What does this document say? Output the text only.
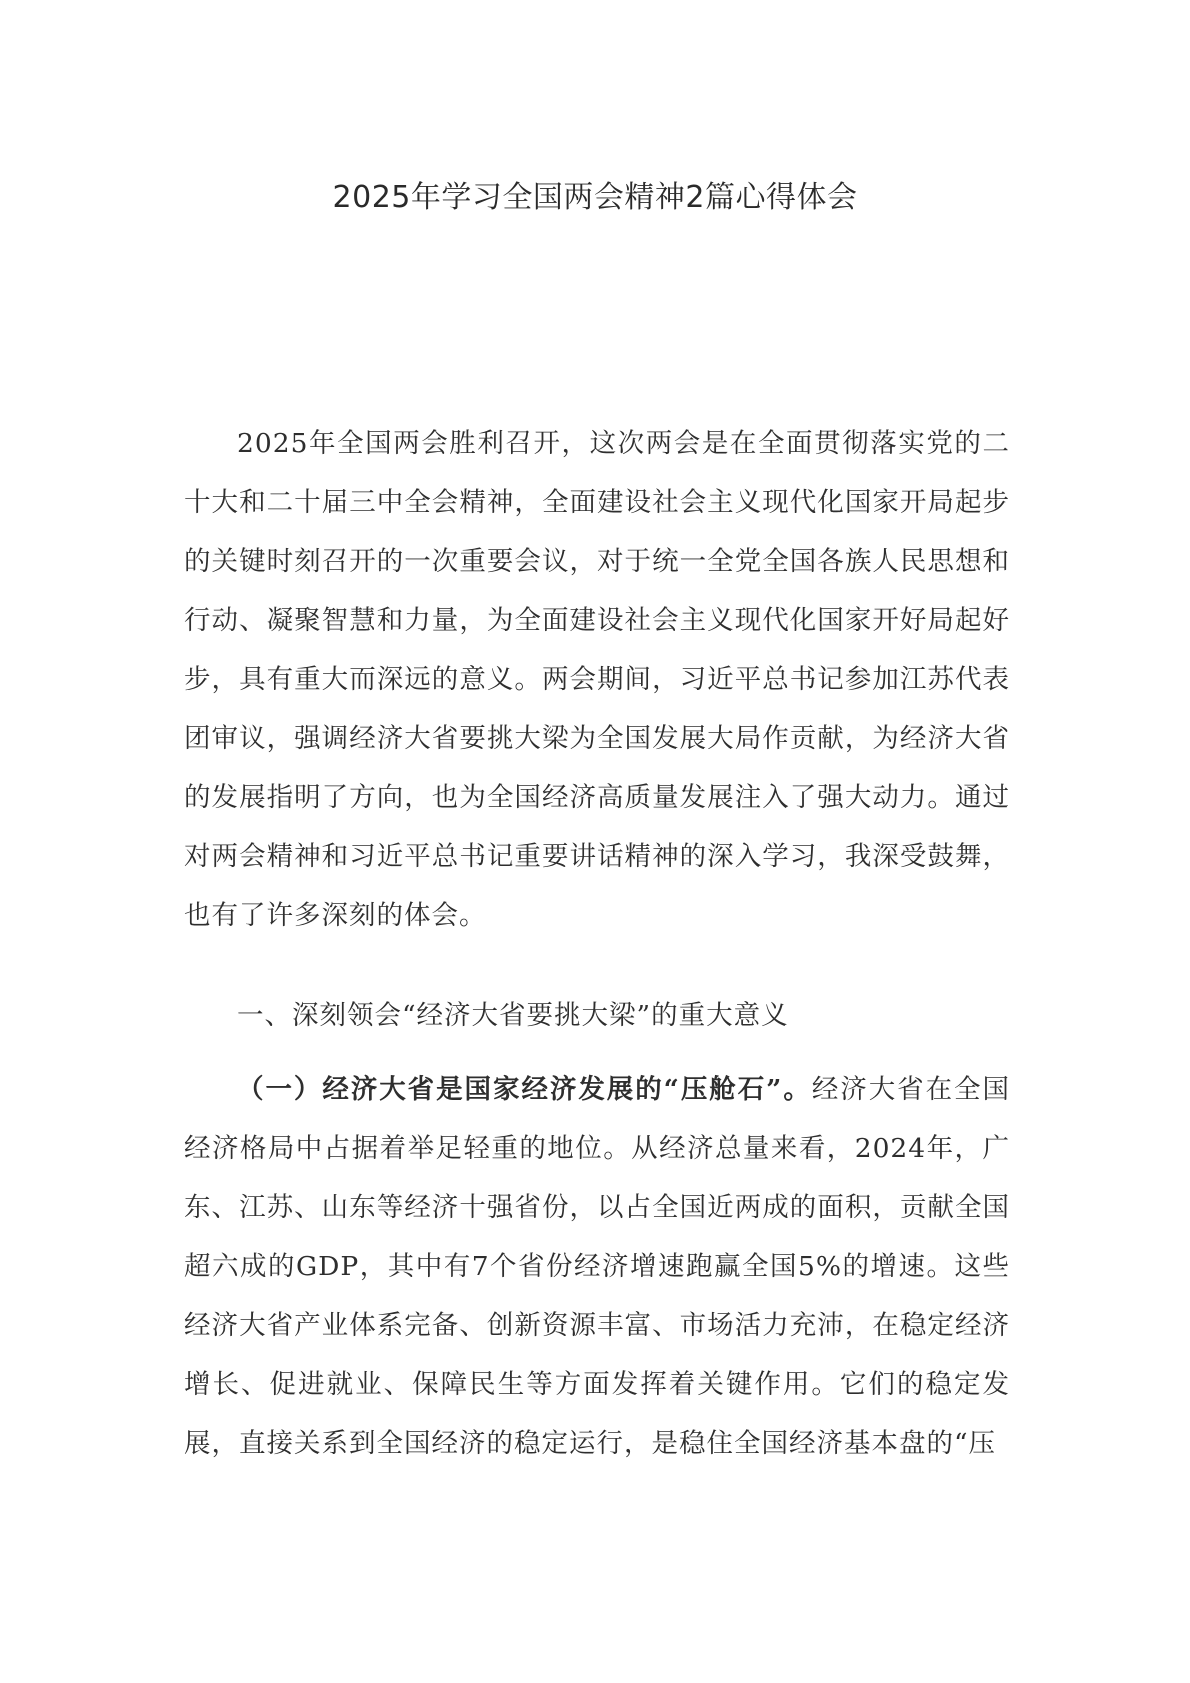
2025年学习全国两会精神2篇心得体会

2025年全国两会胜利召开，这次两会是在全面贯彻落实党的二十大和二十届三中全会精神，全面建设社会主义现代化国家开局起步的关键时刻召开的一次重要会议，对于统一全党全国各族人民思想和行动、凝聚智慧和力量，为全面建设社会主义现代化国家开好局起好步，具有重大而深远的意义。两会期间，习近平总书记参加江苏代表团审议，强调经济大省要挑大梁为全国发展大局作贡献，为经济大省的发展指明了方向，也为全国经济高质量发展注入了强大动力。通过对两会精神和习近平总书记重要讲话精神的深入学习，我深受鼓舞，也有了许多深刻的体会。

一、深刻领会“经济大省要挑大梁”的重大意义

（一）经济大省是国家经济发展的“压舱石”。经济大省在全国经济格局中占据着举足轻重的地位。从经济总量来看，2024年，广东、江苏、山东等经济十强省份，以占全国近两成的面积，贡献全国超六成的GDP，其中有7个省份经济增速跑赢全国5%的增速。这些经济大省产业体系完备、创新资源丰富、市场活力充沛，在稳定经济增长、促进就业、保障民生等方面发挥着关键作用。它们的稳定发展，直接关系到全国经济的稳定运行，是稳住全国经济基本盘的“压
